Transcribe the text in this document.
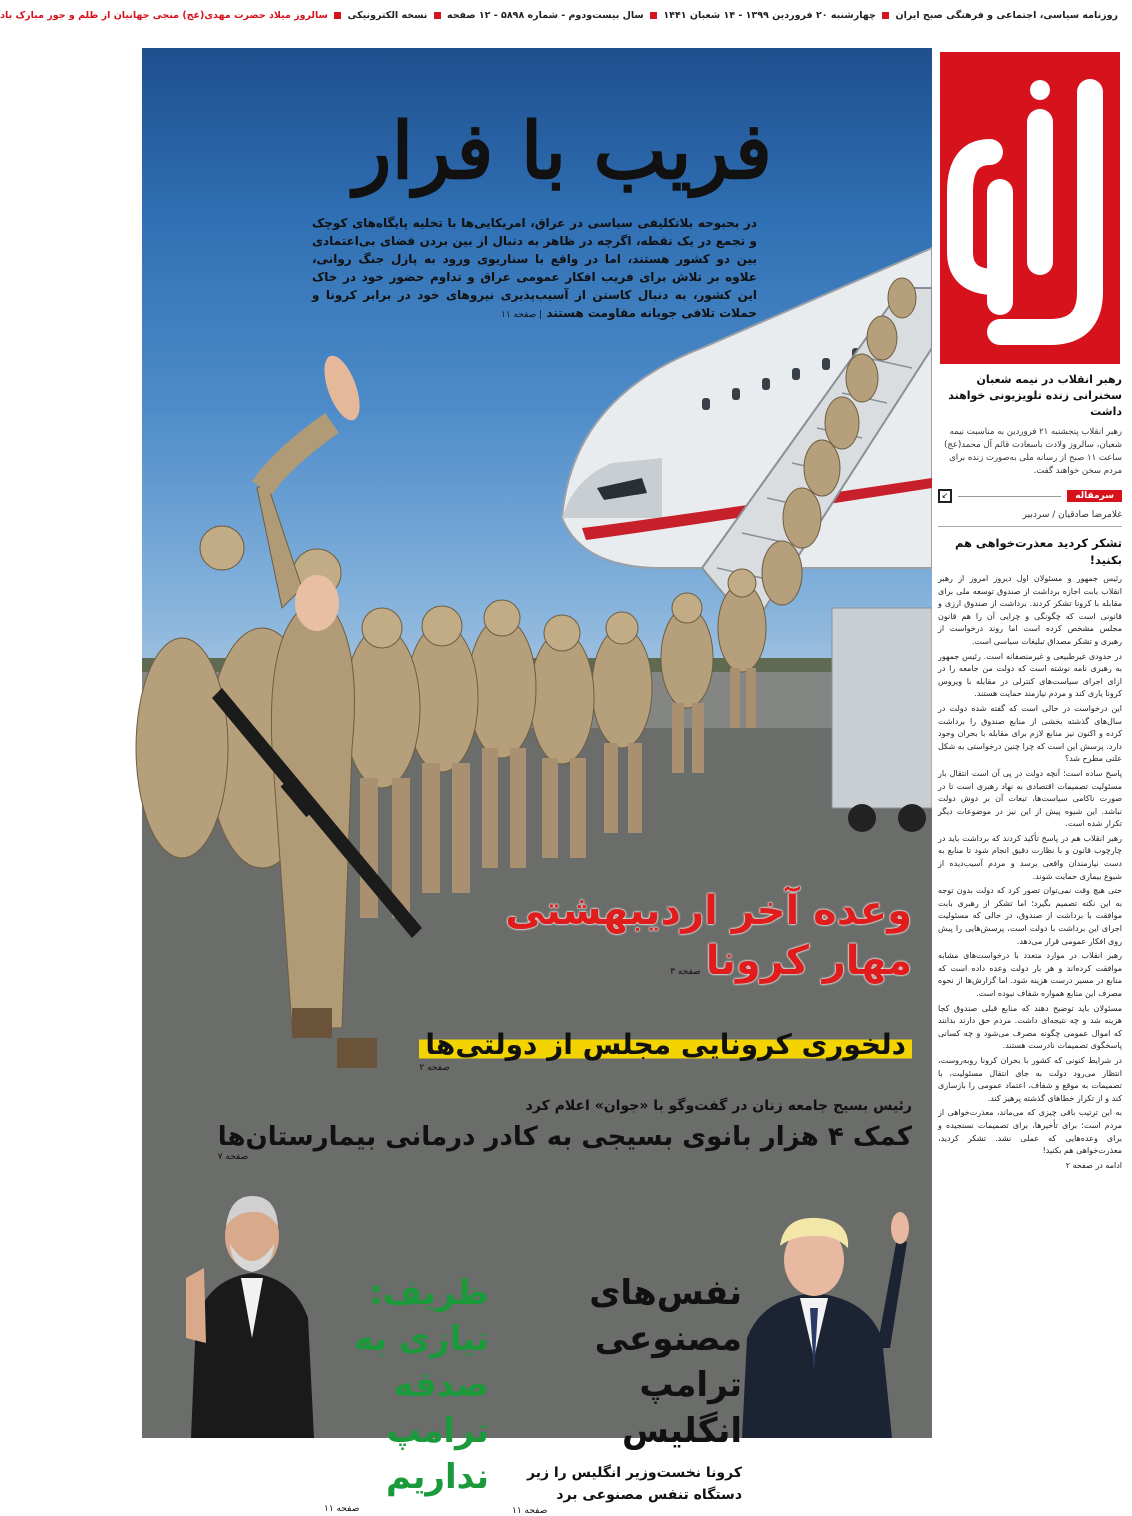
روزنامه سیاسی، اجتماعی و فرهنگی صبح ایران  چهارشنبه ۲۰ فروردین ۱۳۹۹ - ۱۴ شعبان ۱۴۴۱  سال بیست‌ودوم - شماره ۵۸۹۸ - ۱۲ صفحه  نسخه الکترونیکی  سالروز میلاد حضرت مهدی(عج) منجی جهانیان از ظلم و جور مبارک باد
فریب با فرار
در بحبوحه بلاتکلیفی سیاسی در عراق، امریکایی‌ها با تخلیه پایگاه‌های کوچک و تجمع در یک نقطه، اگرچه در ظاهر به دنبال از بین بردن فضای بی‌اعتمادی بین دو کشور هستند، اما در واقع با سناریوی ورود به پازل جنگ روانی، علاوه بر تلاش برای فریب افکار عمومی عراق و تداوم حضور خود در خاک این کشور، به دنبال کاستن از آسیب‌پذیری نیروهای خود در برابر کرونا و حملات تلافی جویانه مقاومت هستند | صفحه ۱۱
وعده آخر اردیبهشتی
مهار کرونا صفحه ۳
دلخوری کرونایی مجلس از دولتی‌ها
صفحه ۲
رئیس بسیج جامعه زنان در گفت‌وگو با «جوان» اعلام کرد
کمک ۴ هزار بانوی بسیجی به کادر درمانی بیمارستان‌ها
صفحه ۷
نفس‌های مصنوعی ترامپ انگلیس
کرونا نخست‌وزیر انگلیس را زیر دستگاه تنفس مصنوعی برد
صفحه ۱۱
ظریف: نیازی به صدقه ترامپ نداریم
صفحه ۱۱
رهبر انقلاب در نیمه شعبان سخنرانی زنده تلویزیونی خواهند داشت
رهبر انقلاب پنجشنبه ۲۱ فروردین به مناسبت نیمه شعبان، سالروز ولادت باسعادت قائم آل محمد(عج) ساعت ۱۱ صبح از رسانه ملی به‌صورت زنده برای مردم سخن خواهند گفت.
سرمقاله
↙
غلامرضا صادقیان / سردبیر
تشکر کردید معذرت‌خواهی هم بکنید!

رئیس جمهور و مسئولان اول دیروز امروز از رهبر انقلاب بابت اجازه برداشت از صندوق توسعه ملی برای مقابله با کرونا تشکر کردند. برداشت از صندوق ارزی و قانونی است که چگونگی و چرایی آن را هم قانون مجلس مشخص کرده است اما روند درخواست از رهبری و تشکر مصداق تبلیغات سیاسی است.

در حدودی غیرطبیعی و غیرمنصفانه است. رئیس جمهور به رهبری نامه نوشته است که دولت من جامعه را در ازای اجرای سیاست‌های کنترلی در مقابله با ویروس کرونا یاری کند و مردم نیازمند حمایت هستند.

این درخواست در حالی است که گفته شده دولت در سال‌های گذشته بخشی از منابع صندوق را برداشت کرده و اکنون نیز منابع لازم برای مقابله با بحران وجود دارد. پرسش این است که چرا چنین درخواستی به شکل علنی مطرح شد؟

پاسخ ساده است؛ آنچه دولت در پی آن است انتقال بار مسئولیت تصمیمات اقتصادی به نهاد رهبری است تا در صورت ناکامی سیاست‌ها، تبعات آن بر دوش دولت نباشد. این شیوه پیش از این نیز در موضوعات دیگر تکرار شده است.

رهبر انقلاب هم در پاسخ تأکید کردند که برداشت باید در چارچوب قانون و با نظارت دقیق انجام شود تا منابع به دست نیازمندان واقعی برسد و مردم آسیب‌دیده از شیوع بیماری حمایت شوند.

حتی هیچ وقت نمی‌توان تصور کرد که دولت بدون توجه به این نکته تصمیم بگیرد؛ اما تشکر از رهبری بابت موافقت با برداشت از صندوق، در حالی که مسئولیت اجرای این برداشت با دولت است، پرسش‌هایی را پیش روی افکار عمومی قرار می‌دهد.

رهبر انقلاب در موارد متعدد با درخواست‌های مشابه موافقت کرده‌اند و هر بار دولت وعده داده است که منابع در مسیر درست هزینه شود. اما گزارش‌ها از نحوه مصرف این منابع همواره شفاف نبوده است.

مسئولان باید توضیح دهند که منابع قبلی صندوق کجا هزینه شد و چه نتیجه‌ای داشت. مردم حق دارند بدانند که اموال عمومی چگونه مصرف می‌شود و چه کسانی پاسخگوی تصمیمات نادرست هستند.

در شرایط کنونی که کشور با بحران کرونا روبه‌روست، انتظار می‌رود دولت به جای انتقال مسئولیت، با تصمیمات به موقع و شفاف، اعتماد عمومی را بازسازی کند و از تکرار خطاهای گذشته پرهیز کند.

به این ترتیب باقی چیزی که می‌ماند، معذرت‌خواهی از مردم است؛ برای تأخیرها، برای تصمیمات نسنجیده و برای وعده‌هایی که عملی نشد. تشکر کردید، معذرت‌خواهی هم بکنید!

ادامه در صفحه ۲
